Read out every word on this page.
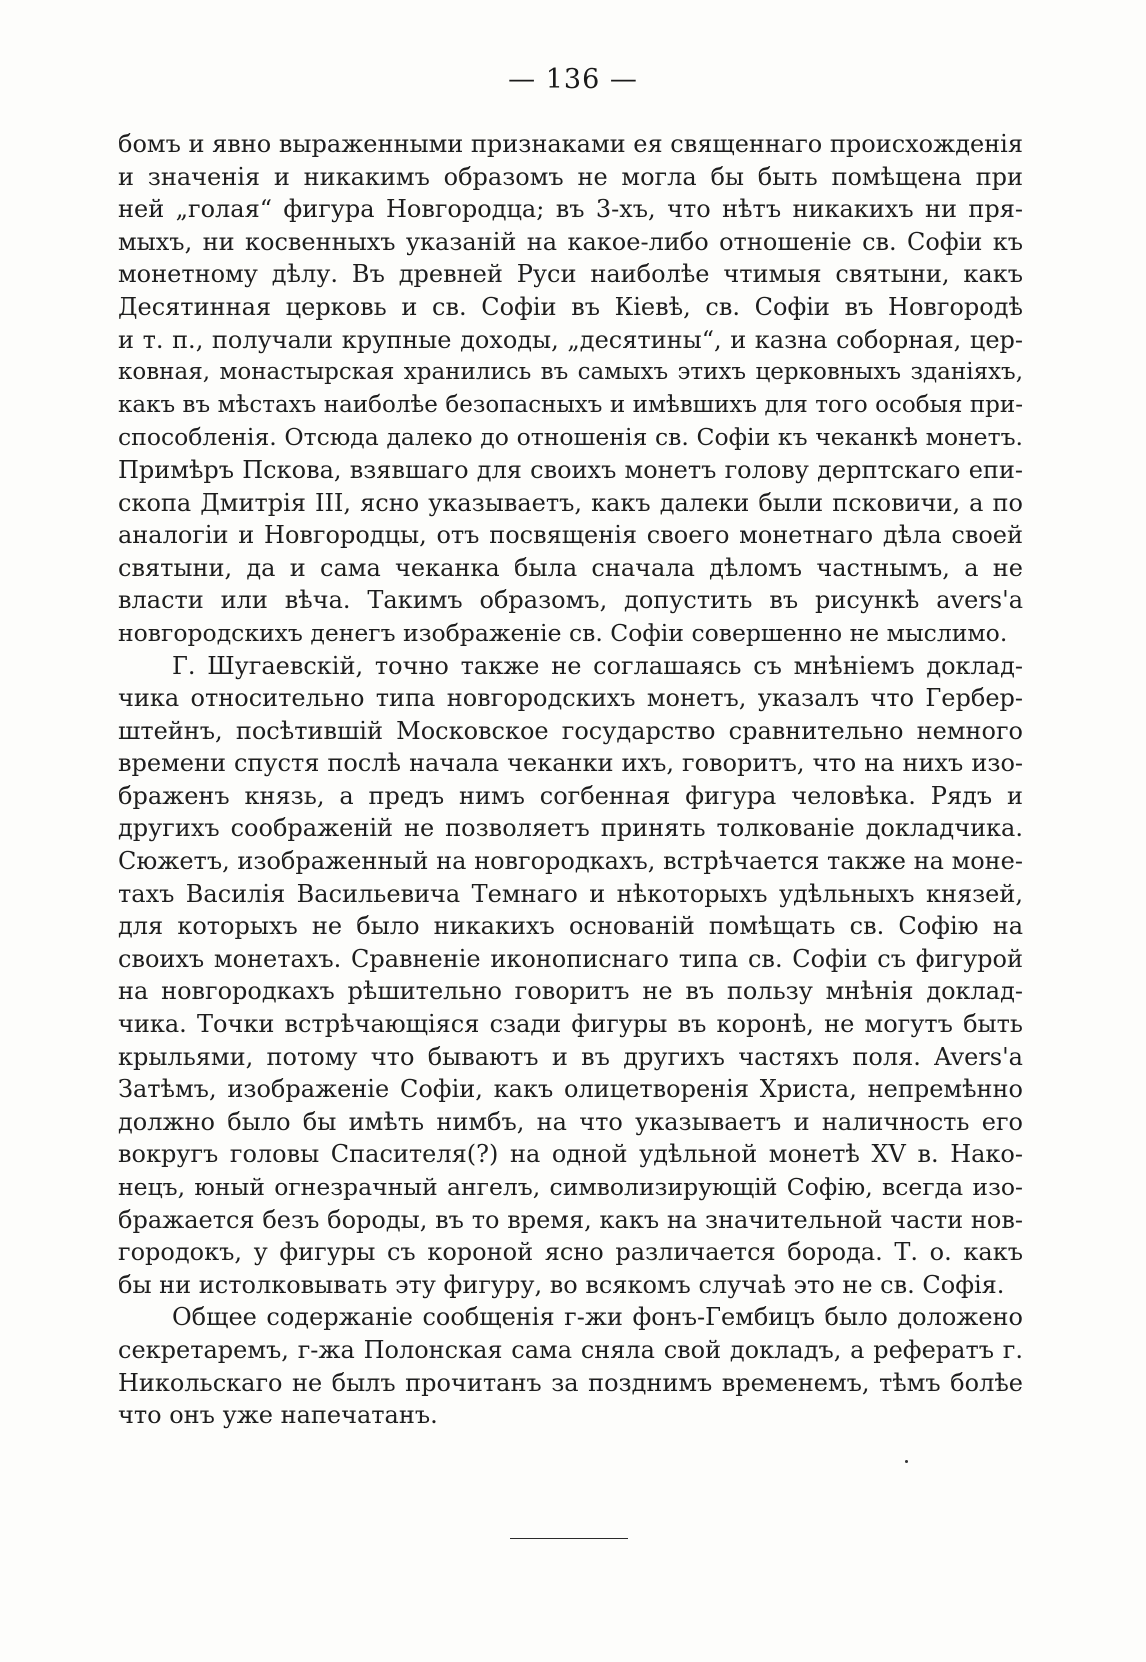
— 136 —
бомъ и явно выраженными признаками ея священнаго происхожденія
и значенія и никакимъ образомъ не могла бы быть помѣщена при
ней „голая“ фигура Новгородца; въ 3-хъ, что нѣтъ никакихъ ни пря-
мыхъ, ни косвенныхъ указаній на какое-либо отношеніе св. Софіи къ
монетному дѣлу. Въ древней Руси наиболѣе чтимыя святыни, какъ
Десятинная церковь и св. Софіи въ Кіевѣ, св. Софіи въ Новгородѣ
и т. п., получали крупные доходы, „десятины“, и казна соборная, цер-
ковная, монастырская хранились въ самыхъ этихъ церковныхъ зданіяхъ,
какъ въ мѣстахъ наиболѣе безопасныхъ и имѣвшихъ для того особыя при-
способленія. Отсюда далеко до отношенія св. Софіи къ чеканкѣ монетъ.
Примѣръ Пскова, взявшаго для своихъ монетъ голову дерптскаго епи-
скопа Дмитрія III, ясно указываетъ, какъ далеки были псковичи, а по
аналогіи и Новгородцы, отъ посвященія своего монетнаго дѣла своей
святыни, да и сама чеканка была сначала дѣломъ частнымъ, а не
власти или вѣча. Такимъ образомъ, допустить въ рисункѣ avers'a
новгородскихъ денегъ изображеніе св. Софіи совершенно не мыслимо.
Г. Шугаевскій, точно также не соглашаясь съ мнѣніемъ доклад-
чика относительно типа новгородскихъ монетъ, указалъ что Гербер-
штейнъ, посѣтившій Московское государство сравнительно немного
времени спустя послѣ начала чеканки ихъ, говоритъ, что на нихъ изо-
браженъ князь, а предъ нимъ согбенная фигура человѣка. Рядъ и
другихъ соображеній не позволяетъ принять толкованіе докладчика.
Сюжетъ, изображенный на новгородкахъ, встрѣчается также на моне-
тахъ Василія Васильевича Темнаго и нѣкоторыхъ удѣльныхъ князей,
для которыхъ не было никакихъ основаній помѣщать св. Софію на
своихъ монетахъ. Сравненіе иконописнаго типа св. Софіи съ фигурой
на новгородкахъ рѣшительно говоритъ не въ пользу мнѣнія доклад-
чика. Точки встрѣчающіяся сзади фигуры въ коронѣ, не могутъ быть
крыльями, потому что бываютъ и въ другихъ частяхъ поля. Avers'a
Затѣмъ, изображеніе Софіи, какъ олицетворенія Христа, непремѣнно
должно было бы имѣть нимбъ, на что указываетъ и наличность его
вокругъ головы Спасителя(?) на одной удѣльной монетѣ XV в. Нако-
нецъ, юный огнезрачный ангелъ, символизирующій Софію, всегда изо-
бражается безъ бороды, въ то время, какъ на значительной части нов-
городокъ, у фигуры съ короной ясно различается борода. Т. о. какъ
бы ни истолковывать эту фигуру, во всякомъ случаѣ это не св. Софія.
Общее содержаніе сообщенія г-жи фонъ-Гембицъ было доложено
секретаремъ, г-жа Полонская сама сняла свой докладъ, а рефератъ г.
Никольскаго не былъ прочитанъ за позднимъ временемъ, тѣмъ болѣе
что онъ уже напечатанъ.
